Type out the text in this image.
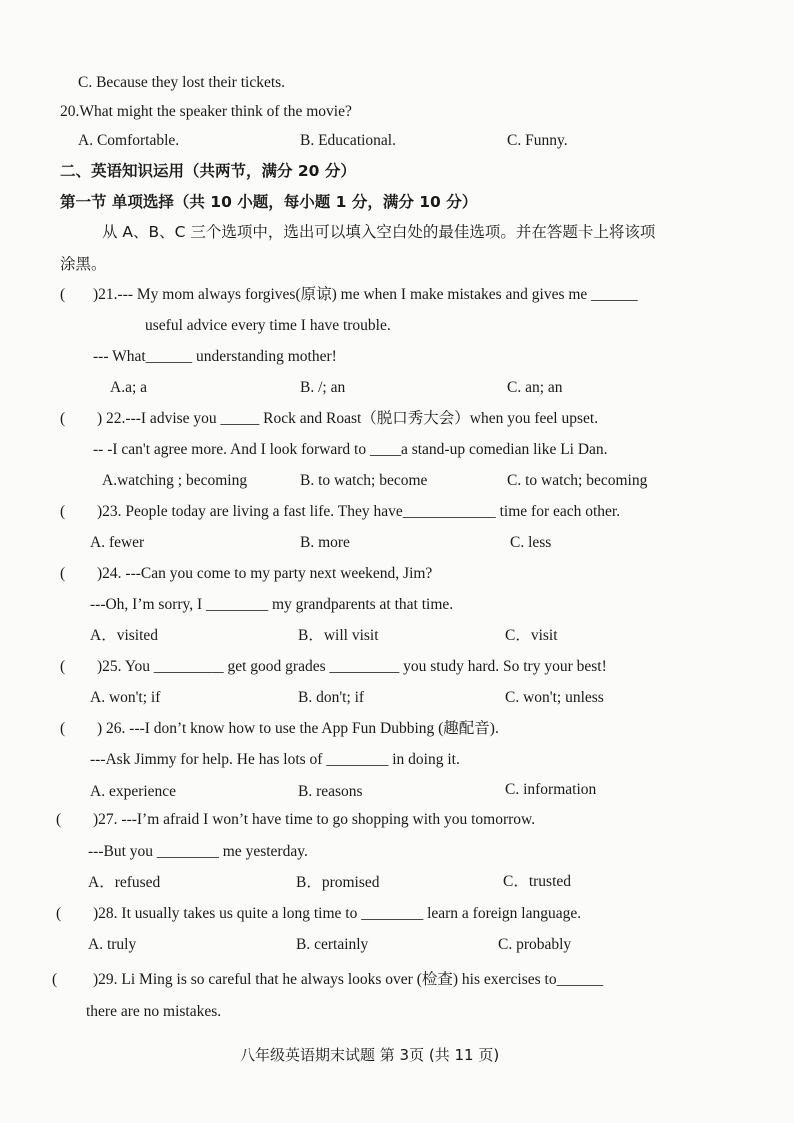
C. Because they lost their tickets.
20.What might the speaker think of the movie?
A. Comfortable.	B. Educational.	C. Funny.
二、英语知识运用（共两节，满分 20 分）
第一节 单项选择（共 10 小题，每小题 1 分，满分 10 分）
从 A、B、C 三个选项中，选出可以填入空白处的最佳选项。并在答题卡上将该项
涂黑。
( )21.--- My mom always forgives(原谅) me when I make mistakes and gives me ______
useful advice every time I have trouble.
--- What______ understanding mother!
A.a; a	B. /; an	C. an; an
( ) 22.---I advise you _____ Rock and Roast（脱口秀大会）when you feel upset.
-- -I can't agree more. And I look forward to ____a stand-up comedian like Li Dan.
A.watching ; becoming	B. to watch; become	C. to watch; becoming
( )23. People today are living a fast life. They have____________ time for each other.
A. fewer	B. more	C. less
( )24. ---Can you come to my party next weekend, Jim?
---Oh, I’m sorry, I ________ my grandparents at that time.
A．visited	B．will visit	C．visit
( )25. You _________ get good grades _________ you study hard. So try your best!
A. won't; if	B. don't; if	C. won't; unless
( ) 26. ---I don’t know how to use the App Fun Dubbing (趣配音).
---Ask Jimmy for help. He has lots of ________ in doing it.
A. experience	B. reasons	C. information
( )27. ---I’m afraid I won’t have time to go shopping with you tomorrow.
---But you ________ me yesterday.
A．refused	B．promised	C．trusted
( )28. It usually takes us quite a long time to ________ learn a foreign language.
A. truly	B. certainly	C. probably
( )29. Li Ming is so careful that he always looks over (检查) his exercises to______
there are no mistakes.
八年级英语期末试题 第 3页 (共 11 页)
